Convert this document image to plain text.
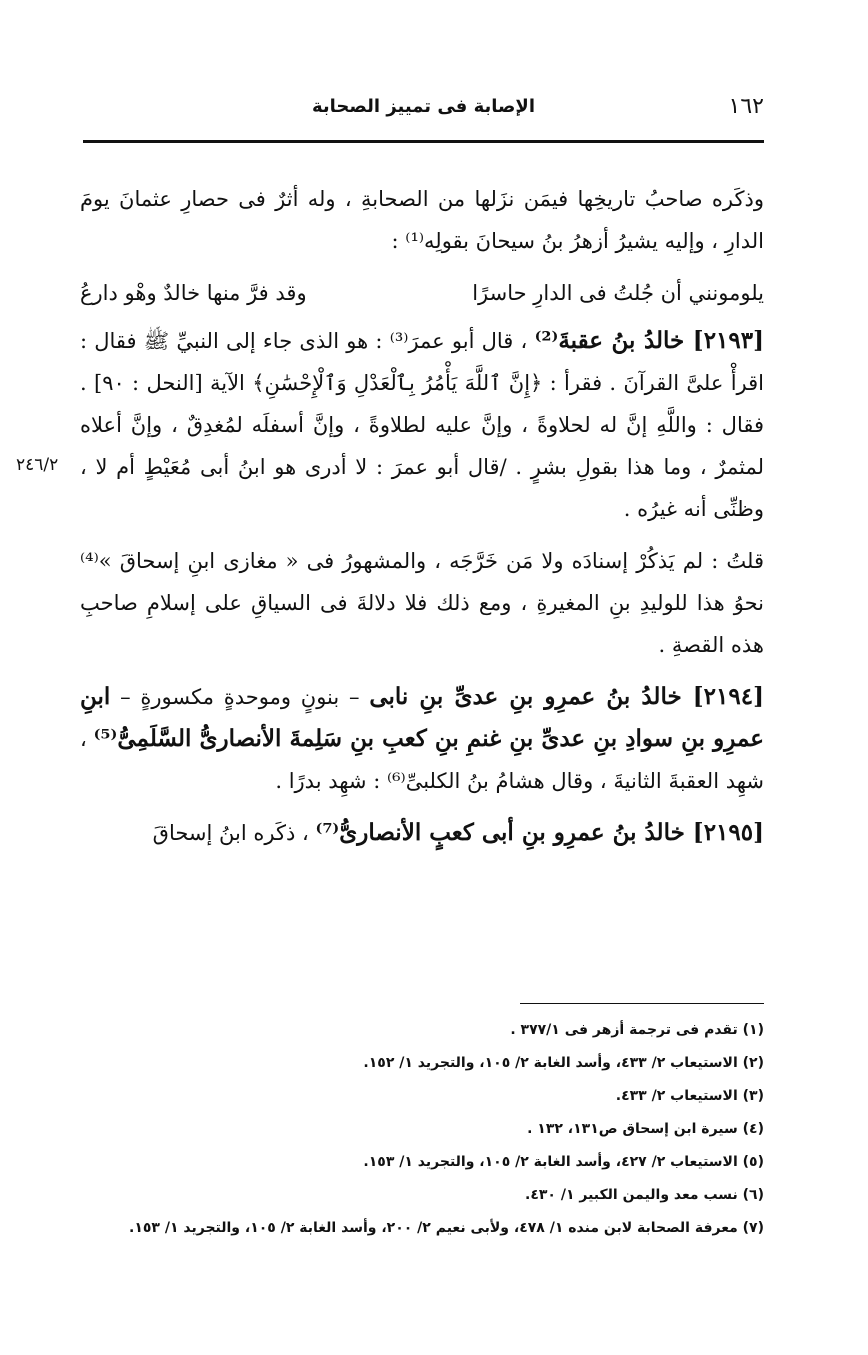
١٦٢
الإصابة فى تمييز الصحابة
٢٤٦/٢

وذكَره صاحبُ تاريخِها فيمَن نزَلها من الصحابةِ ، وله أثرٌ فى حصارِ عثمانَ يومَ الدارِ ، وإليه يشيرُ أزهرُ بنُ سيحانَ بقولِه⁽¹⁾ :

يلومونني أن جُلتُ فى الدارِ حاسرًا
وقد فرَّ منها خالدٌ وهْو دارعُ

[٢١٩٣] خالدُ بنُ عقبةَ⁽²⁾ ، قال أبو عمرَ⁽³⁾ : هو الذى جاء إلى النبيِّ ﷺ فقال : اقرأْ علىَّ القرآنَ . فقرأ : ﴿إِنَّ ٱللَّهَ يَأْمُرُ بِٱلْعَدْلِ وَٱلْإِحْسَٰنِ﴾ الآية [النحل : ٩٠] . فقال : واللَّهِ إنَّ له لحلاوةً ، وإنَّ عليه لطلاوةً ، وإنَّ أسفلَه لمُغدِقٌ ، وإنَّ أعلاه لمثمرٌ ، وما هذا بقولِ بشرٍ . /قال أبو عمرَ : لا أدرى هو ابنُ أبى مُعَيْطٍ أم لا ، وظنِّى أنه غيرُه .

قلتُ : لم يَذكُرْ إسنادَه ولا مَن خَرَّجَه ، والمشهورُ فى « مغازى ابنِ إسحاقَ »⁽⁴⁾ نحوُ هذا للوليدِ بنِ المغيرةِ ، ومع ذلك فلا دلالةَ فى السياقِ على إسلامِ صاحبِ هذه القصةِ .

[٢١٩٤] خالدُ بنُ عمرِو بنِ عدىِّ بنِ نابى – بنونٍ وموحدةٍ مكسورةٍ – ابنِ عمرِو بنِ سوادِ بنِ عدىِّ بنِ غنمِ بنِ كعبِ بنِ سَلِمةَ الأنصارىُّ السَّلَمِىُّ⁽⁵⁾ ، شهِد العقبةَ الثانيةَ ، وقال هشامُ بنُ الكلبىِّ⁽⁶⁾ : شهِد بدرًا .

[٢١٩٥] خالدُ بنُ عمرِو بنِ أبى كعبٍ الأنصارىُّ⁽⁷⁾ ، ذكَره ابنُ إسحاقَ

(١) تقدم فى ترجمة أزهر فى ٣٧٧/١ .
(٢) الاستيعاب ٢/ ٤٣٣، وأسد الغابة ٢/ ١٠٥، والتجريد ١/ ١٥٢.
(٣) الاستيعاب ٢/ ٤٣٣.
(٤) سيرة ابن إسحاق ص١٣١، ١٣٢ .
(٥) الاستيعاب ٢/ ٤٢٧، وأسد الغابة ٢/ ١٠٥، والتجريد ١/ ١٥٣.
(٦) نسب معد واليمن الكبير ١/ ٤٣٠.
(٧) معرفة الصحابة لابن منده ١/ ٤٧٨، ولأبى نعيم ٢/ ٢٠٠، وأسد الغابة ٢/ ١٠٥، والتجريد ١/ ١٥٣.
